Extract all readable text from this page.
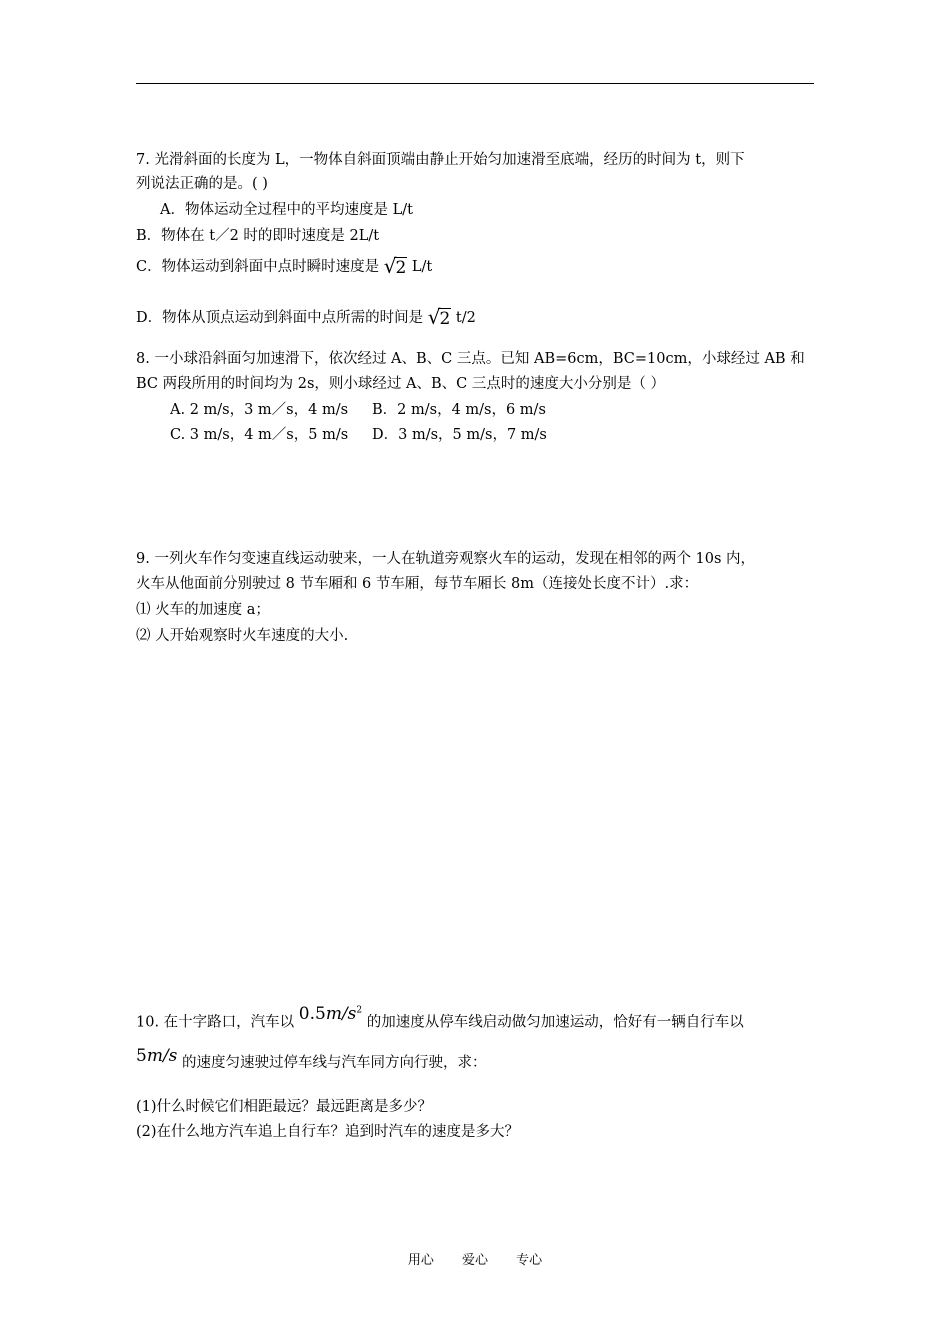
7. 光滑斜面的长度为 L，一物体自斜面顶端由静止开始匀加速滑至底端，经历的时间为 t，则下
列说法正确的是。( )
A．物体运动全过程中的平均速度是 L/t
B．物体在 t／2 时的即时速度是 2L/t
C．物体运动到斜面中点时瞬时速度是 √2 L/t
D．物体从顶点运动到斜面中点所需的时间是 √2 t/2
8. 一小球沿斜面匀加速滑下，依次经过 A、B、C 三点。已知 AB=6cm，BC=10cm，小球经过 AB 和
BC 两段所用的时间均为 2s，则小球经过 A、B、C 三点时的速度大小分别是（ ）
A. 2 m/s，3 m／s，4 m/s B．2 m/s，4 m/s，6 m/s
C. 3 m/s，4 m／s，5 m/s D．3 m/s，5 m/s，7 m/s
9. 一列火车作匀变速直线运动驶来，一人在轨道旁观察火车的运动，发现在相邻的两个 10s 内，
火车从他面前分别驶过 8 节车厢和 6 节车厢，每节车厢长 8m（连接处长度不计）.求：
⑴ 火车的加速度 a；
⑵ 人开始观察时火车速度的大小.
10. 在十字路口，汽车以 $0.5m/s^2$ 的加速度从停车线启动做匀加速运动，恰好有一辆自行车以
5m/s 的速度匀速驶过停车线与汽车同方向行驶，求：
(1)什么时候它们相距最远？最远距离是多少？
(2)在什么地方汽车追上自行车？追到时汽车的速度是多大？
用心 爱心 专心
